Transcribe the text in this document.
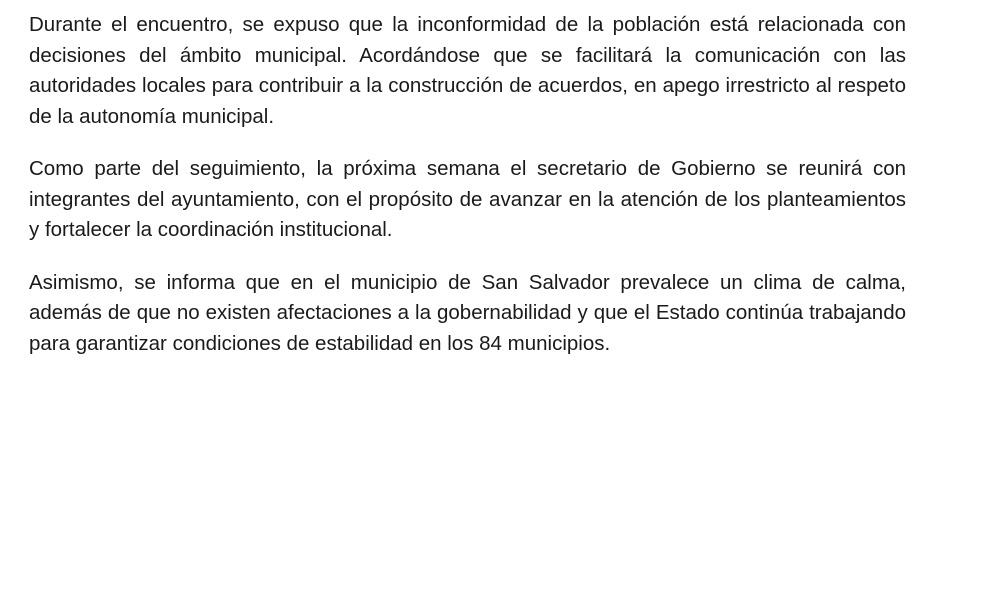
Durante el encuentro, se expuso que la inconformidad de la población está relacionada con decisiones del ámbito municipal. Acordándose que se facilitará la comunicación con las autoridades locales para contribuir a la construcción de acuerdos, en apego irrestricto al respeto de la autonomía municipal.

Como parte del seguimiento, la próxima semana el secretario de Gobierno se reunirá con integrantes del ayuntamiento, con el propósito de avanzar en la atención de los planteamientos y fortalecer la coordinación institucional.

Asimismo, se informa que en el municipio de San Salvador prevalece un clima de calma, además de que no existen afectaciones a la gobernabilidad y que el Estado continúa trabajando para garantizar condiciones de estabilidad en los 84 municipios.
